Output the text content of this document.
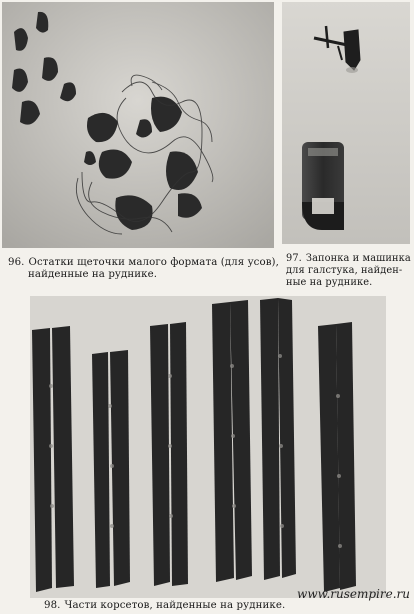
96. Остатки щеточки малого формата (для усов),
найденные на руднике.
97. Запонка и машинка
для галстука, найден-
ные на руднике.
98. Части корсетов, найденные на руднике.
www.rusempire.ru
